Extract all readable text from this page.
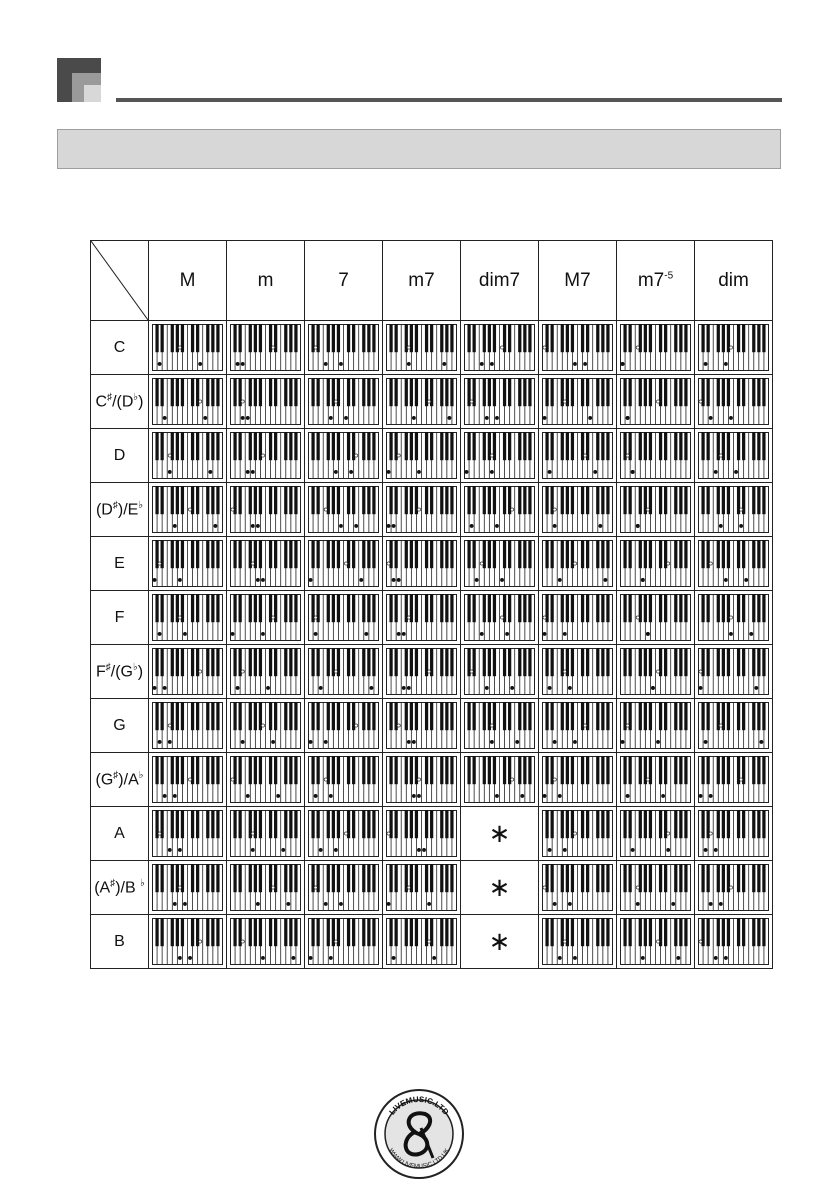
	M	m	7	m7	dim7	M7	$m7^{-5}$	dim
C	

C♯/(D♭)	

D	

(D♯)/E♭	

E	

F	

F♯/(G♭)	

G	

(G♯)/A♭	

A					∗	

(A♯)/B ♭					∗	

B					∗	

LIVEMUSIC.LTD
WWW.LIVEMUSIC.LTD.UK
